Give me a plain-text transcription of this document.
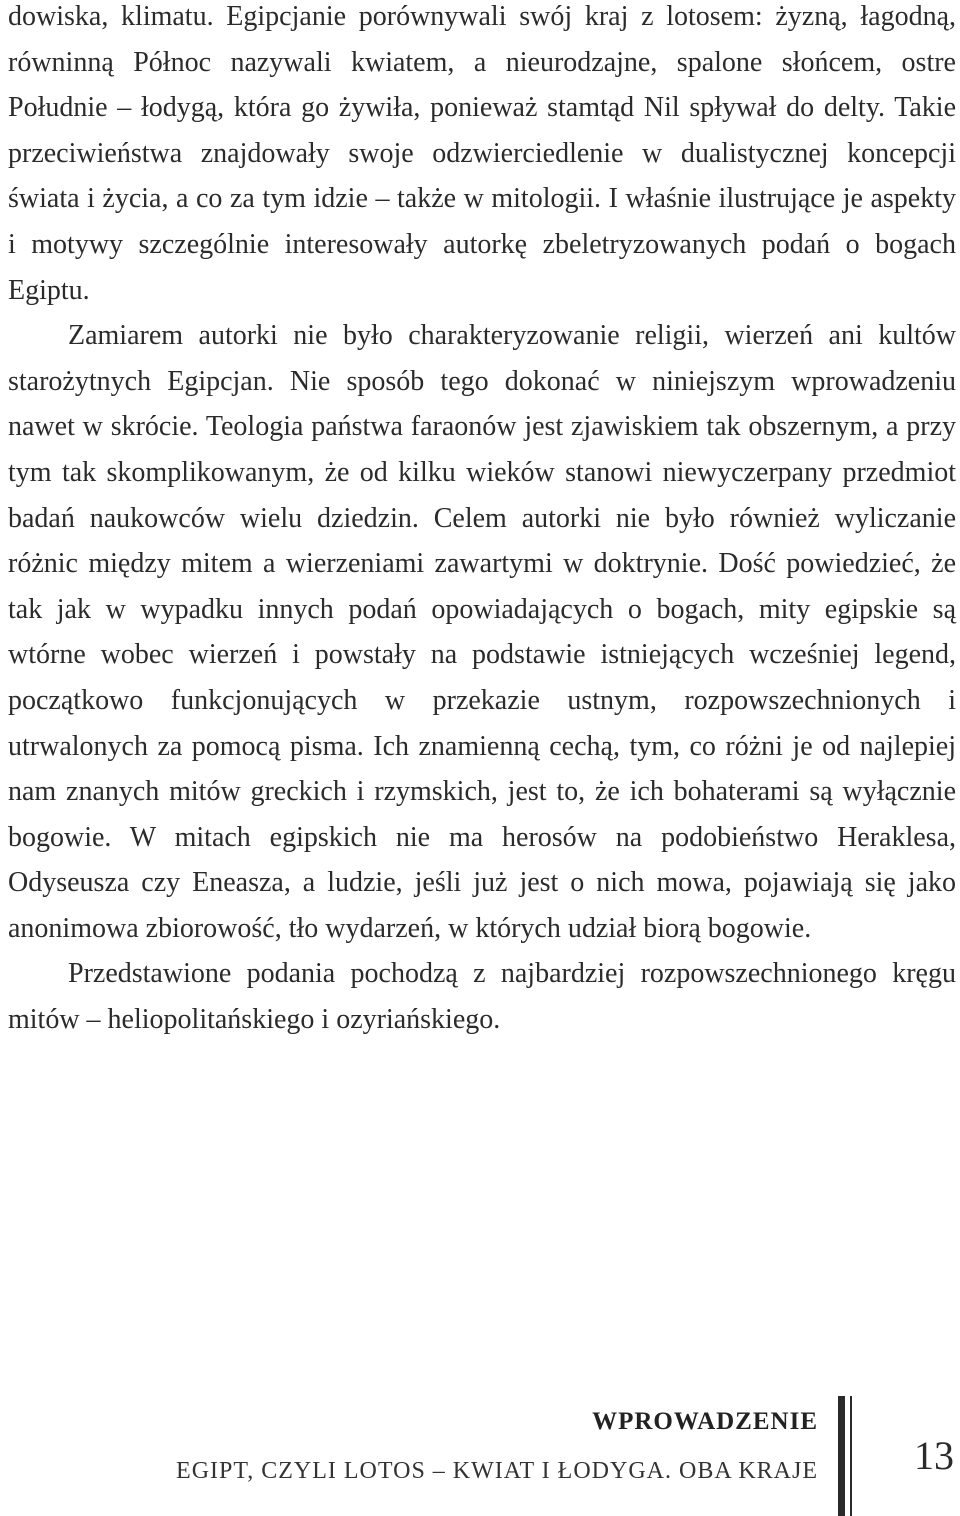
dowiska, klimatu. Egipcjanie porównywali swój kraj z lotosem: żyzną, łagodną, równinną Północ nazywali kwiatem, a nieurodzajne, spalone słońcem, ostre Południe – łodygą, która go żywiła, ponieważ stamtąd Nil spływał do delty. Takie przeciwieństwa znajdowały swoje odzwierciedlenie w dualistycznej koncepcji świata i życia, a co za tym idzie – także w mitologii. I właśnie ilustrujące je aspekty i motywy szczególnie interesowały autorkę zbeletryzowanych podań o bogach Egiptu.

Zamiarem autorki nie było charakteryzowanie religii, wierzeń ani kultów starożytnych Egipcjan. Nie sposób tego dokonać w niniejszym wprowadzeniu nawet w skrócie. Teologia państwa faraonów jest zjawiskiem tak obszernym, a przy tym tak skomplikowanym, że od kilku wieków stanowi niewyczerpany przedmiot badań naukowców wielu dziedzin. Celem autorki nie było również wyliczanie różnic między mitem a wierzeniami zawartymi w doktrynie. Dość powiedzieć, że tak jak w wypadku innych podań opowiadających o bogach, mity egipskie są wtórne wobec wierzeń i powstały na podstawie istniejących wcześniej legend, początkowo funkcjonujących w przekazie ustnym, rozpowszechnionych i utrwalonych za pomocą pisma. Ich znamienną cechą, tym, co różni je od najlepiej nam znanych mitów greckich i rzymskich, jest to, że ich bohaterami są wyłącznie bogowie. W mitach egipskich nie ma herosów na podobieństwo Heraklesa, Odyseusza czy Eneasza, a ludzie, jeśli już jest o nich mowa, pojawiają się jako anonimowa zbiorowość, tło wydarzeń, w których udział biorą bogowie.

Przedstawione podania pochodzą z najbardziej rozpowszechnionego kręgu mitów – heliopolitańskiego i ozyriańskiego.

WPROWADZENIE
EGIPT, CZYLI LOTOS – KWIAT I ŁODYGA. OBA KRAJE 13
